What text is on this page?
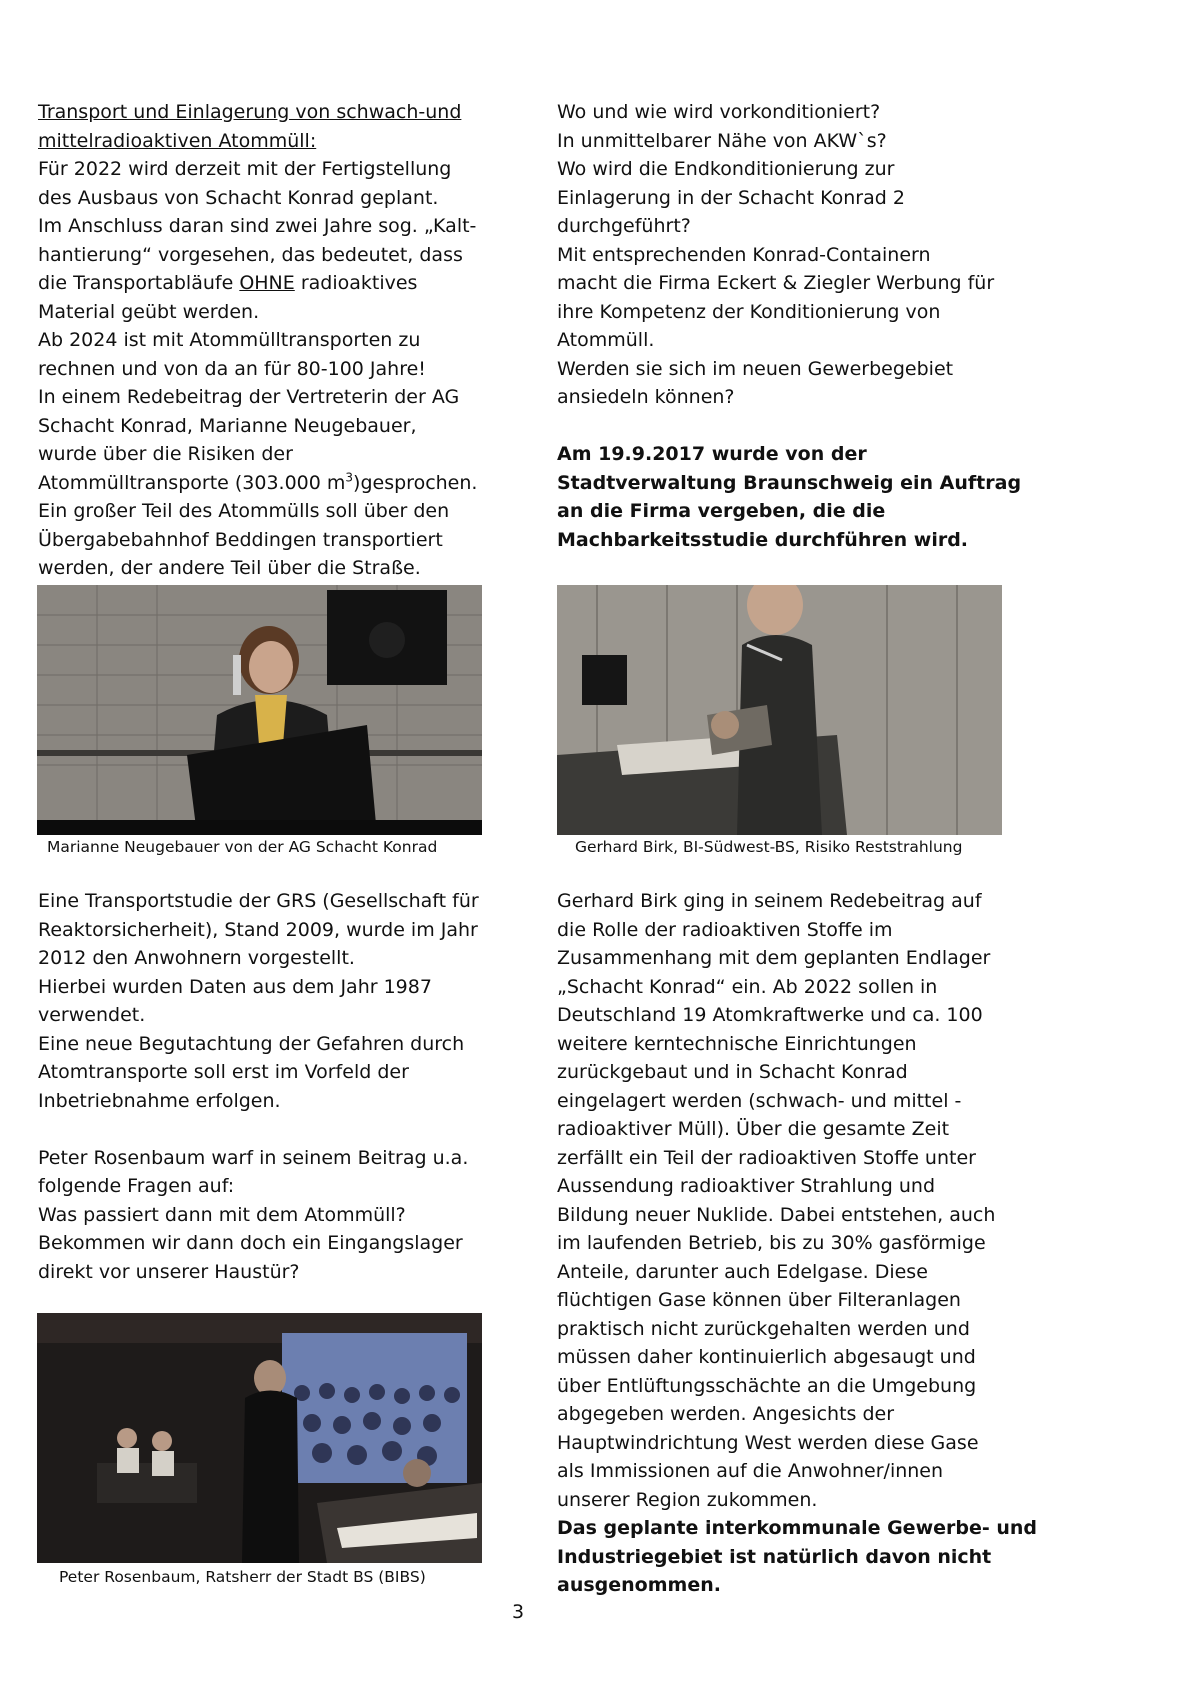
Transport und Einlagerung von schwach-und

mittelradioaktiven Atommüll:

Für 2022 wird derzeit mit der Fertigstellung

des Ausbaus von Schacht Konrad geplant.

Im Anschluss daran sind zwei Jahre sog. „Kalt-

hantierung“ vorgesehen, das bedeutet, dass

die Transportabläufe OHNE radioaktives

Material geübt werden.

Ab 2024 ist mit Atommülltransporten zu

rechnen und von da an für 80-100 Jahre!

In einem Redebeitrag der Vertreterin der AG

Schacht Konrad, Marianne Neugebauer,

wurde über die Risiken der

Atommülltransporte (303.000 $m^3)gesprochen$.

Ein großer Teil des Atommülls soll über den

Übergabebahnhof Beddingen transportiert

werden, der andere Teil über die Straße.

Wo und wie wird vorkonditioniert?

In unmittelbarer Nähe von AKW`s?

Wo wird die Endkonditionierung zur

Einlagerung in der Schacht Konrad 2

durchgeführt?

Mit entsprechenden Konrad-Containern

macht die Firma Eckert & Ziegler Werbung für

ihre Kompetenz der Konditionierung von

Atommüll.

Werden sie sich im neuen Gewerbegebiet

ansiedeln können?

Am 19.9.2017 wurde von der

Stadtverwaltung Braunschweig ein Auftrag

an die Firma vergeben, die die

Machbarkeitsstudie durchführen wird.

Marianne Neugebauer von der AG Schacht Konrad	Gerhard Birk, BI-Südwest-BS, Risiko Reststrahlung

Eine Transportstudie der GRS (Gesellschaft für

Reaktorsicherheit), Stand 2009, wurde im Jahr

2012 den Anwohnern vorgestellt.

Hierbei wurden Daten aus dem Jahr 1987

verwendet.

Eine neue Begutachtung der Gefahren durch

Atomtransporte soll erst im Vorfeld der

Inbetriebnahme erfolgen.

Peter Rosenbaum warf in seinem Beitrag u.a.

folgende Fragen auf:

Was passiert dann mit dem Atommüll?

Bekommen wir dann doch ein Eingangslager

direkt vor unserer Haustür?

Peter Rosenbaum, Ratsherr der Stadt BS (BIBS)

Gerhard Birk ging in seinem Redebeitrag auf

die Rolle der radioaktiven Stoffe im

Zusammenhang mit dem geplanten Endlager

„Schacht Konrad“ ein. Ab 2022 sollen in

Deutschland 19 Atomkraftwerke und ca. 100

weitere kerntechnische Einrichtungen

zurückgebaut und in Schacht Konrad

eingelagert werden (schwach- und mittel -

radioaktiver Müll). Über die gesamte Zeit

zerfällt ein Teil der radioaktiven Stoffe unter

Aussendung radioaktiver Strahlung und

Bildung neuer Nuklide. Dabei entstehen, auch

im laufenden Betrieb, bis zu 30% gasförmige

Anteile, darunter auch Edelgase. Diese

flüchtigen Gase können über Filteranlagen

praktisch nicht zurückgehalten werden und

müssen daher kontinuierlich abgesaugt und

über Entlüftungsschächte an die Umgebung

abgegeben werden. Angesichts der

Hauptwindrichtung West werden diese Gase

als Immissionen auf die Anwohner/innen

unserer Region zukommen.

Das geplante interkommunale Gewerbe- und

Industriegebiet ist natürlich davon nicht

ausgenommen.

3
